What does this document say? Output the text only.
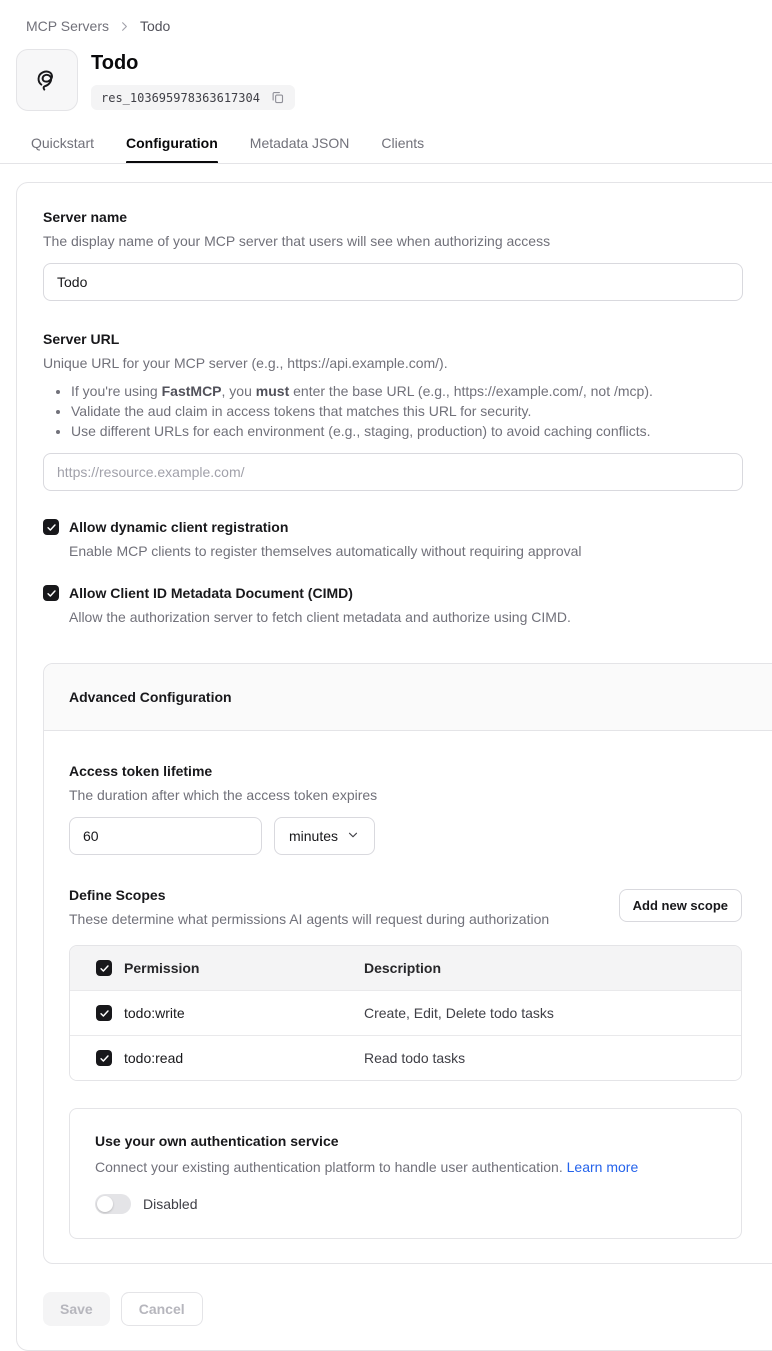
MCP Servers Todo
Todo
res_103695978363617304
Quickstart Configuration Metadata JSON Clients
Server name
The display name of your MCP server that users will see when authorizing access
Todo
Server URL
Unique URL for your MCP server (e.g., https://api.example.com/).
• If you're using FastMCP, you must enter the base URL (e.g., https://example.com/, not /mcp).
• Validate the aud claim in access tokens that matches this URL for security.
• Use different URLs for each environment (e.g., staging, production) to avoid caching conflicts.
https://resource.example.com/
Allow dynamic client registration
Enable MCP clients to register themselves automatically without requiring approval
Allow Client ID Metadata Document (CIMD)
Allow the authorization server to fetch client metadata and authorize using CIMD.
Advanced Configuration
Access token lifetime
The duration after which the access token expires
60
minutes
Define Scopes
These determine what permissions AI agents will request during authorization
Add new scope
Permission	Description
todo:write	Create, Edit, Delete todo tasks
todo:read	Read todo tasks
Use your own authentication service
Connect your existing authentication platform to handle user authentication. Learn more
Disabled
Save	Cancel
